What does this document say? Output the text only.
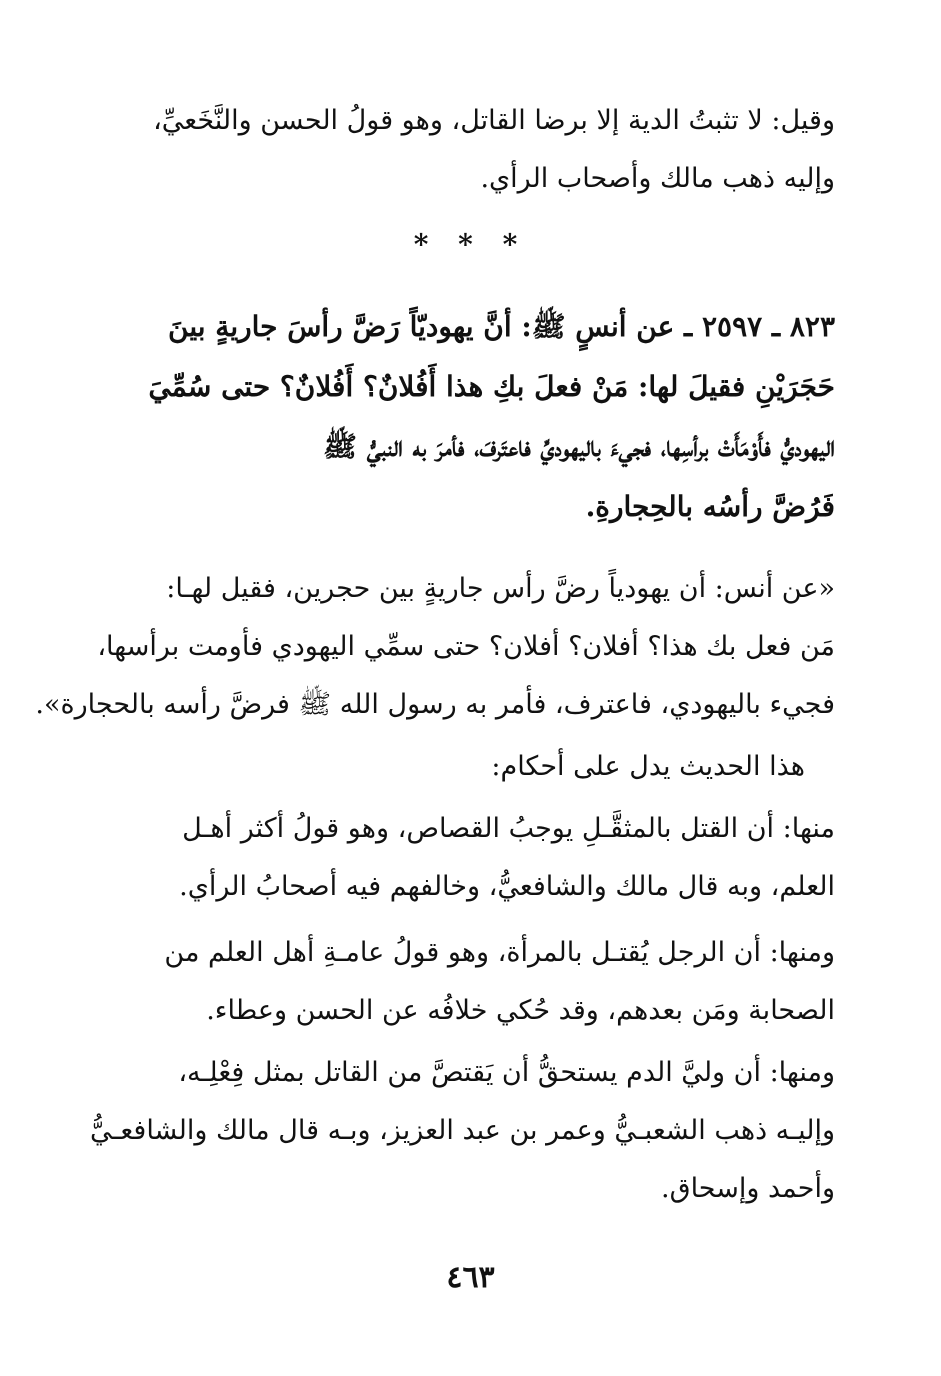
وقيل: لا تثبتُ الدية إلا برضا القاتل، وهو قولُ الحسن والنَّخَعيِّ،
وإليه ذهب مالك وأصحاب الرأي.
* * *
٨٢٣ ـ ٢٥٩٧ ـ عن أنسٍ ﷺ: أنَّ يهوديّاً رَضَّ رأسَ جاريةٍ بينَ
حَجَرَيْنِ فقيلَ لها: مَنْ فعلَ بكِ هذا أَفُلانٌ؟ أَفُلانٌ؟ حتى سُمِّيَ
اليهوديُّ فأَوْمَأَتْ برأسِها، فجيءَ باليهوديِّ فاعتَرفَ، فأمرَ به النبيُّ ﷺ
فَرُضَّ رأسُه بالحِجارةِ.
«عن أنس: أن يهودياً رضَّ رأس جاريةٍ بين حجرين، فقيل لهـا:
مَن فعل بك هذا؟ أفلان؟ أفلان؟ حتى سمِّي اليهودي فأومت برأسها،
فجيء باليهودي، فاعترف، فأمر به رسول الله ﷺ فرضَّ رأسه بالحجارة».
هذا الحديث يدل على أحكام:
منها: أن القتل بالمثقَّـلِ يوجبُ القصاص، وهو قولُ أكثر أهـل
العلم، وبه قال مالك والشافعيُّ، وخالفهم فيه أصحابُ الرأي.
ومنها: أن الرجل يُقتـل بالمرأة، وهو قولُ عامـةِ أهل العلم من
الصحابة ومَن بعدهم، وقد حُكي خلافُه عن الحسن وعطاء.
ومنها: أن وليَّ الدم يستحقُّ أن يَقتصَّ من القاتل بمثل فِعْلِـه،
وإليـه ذهب الشعبـيُّ وعمر بن عبد العزيز، وبـه قال مالك والشافعـيُّ
وأحمد وإسحاق.
٤٦٣
